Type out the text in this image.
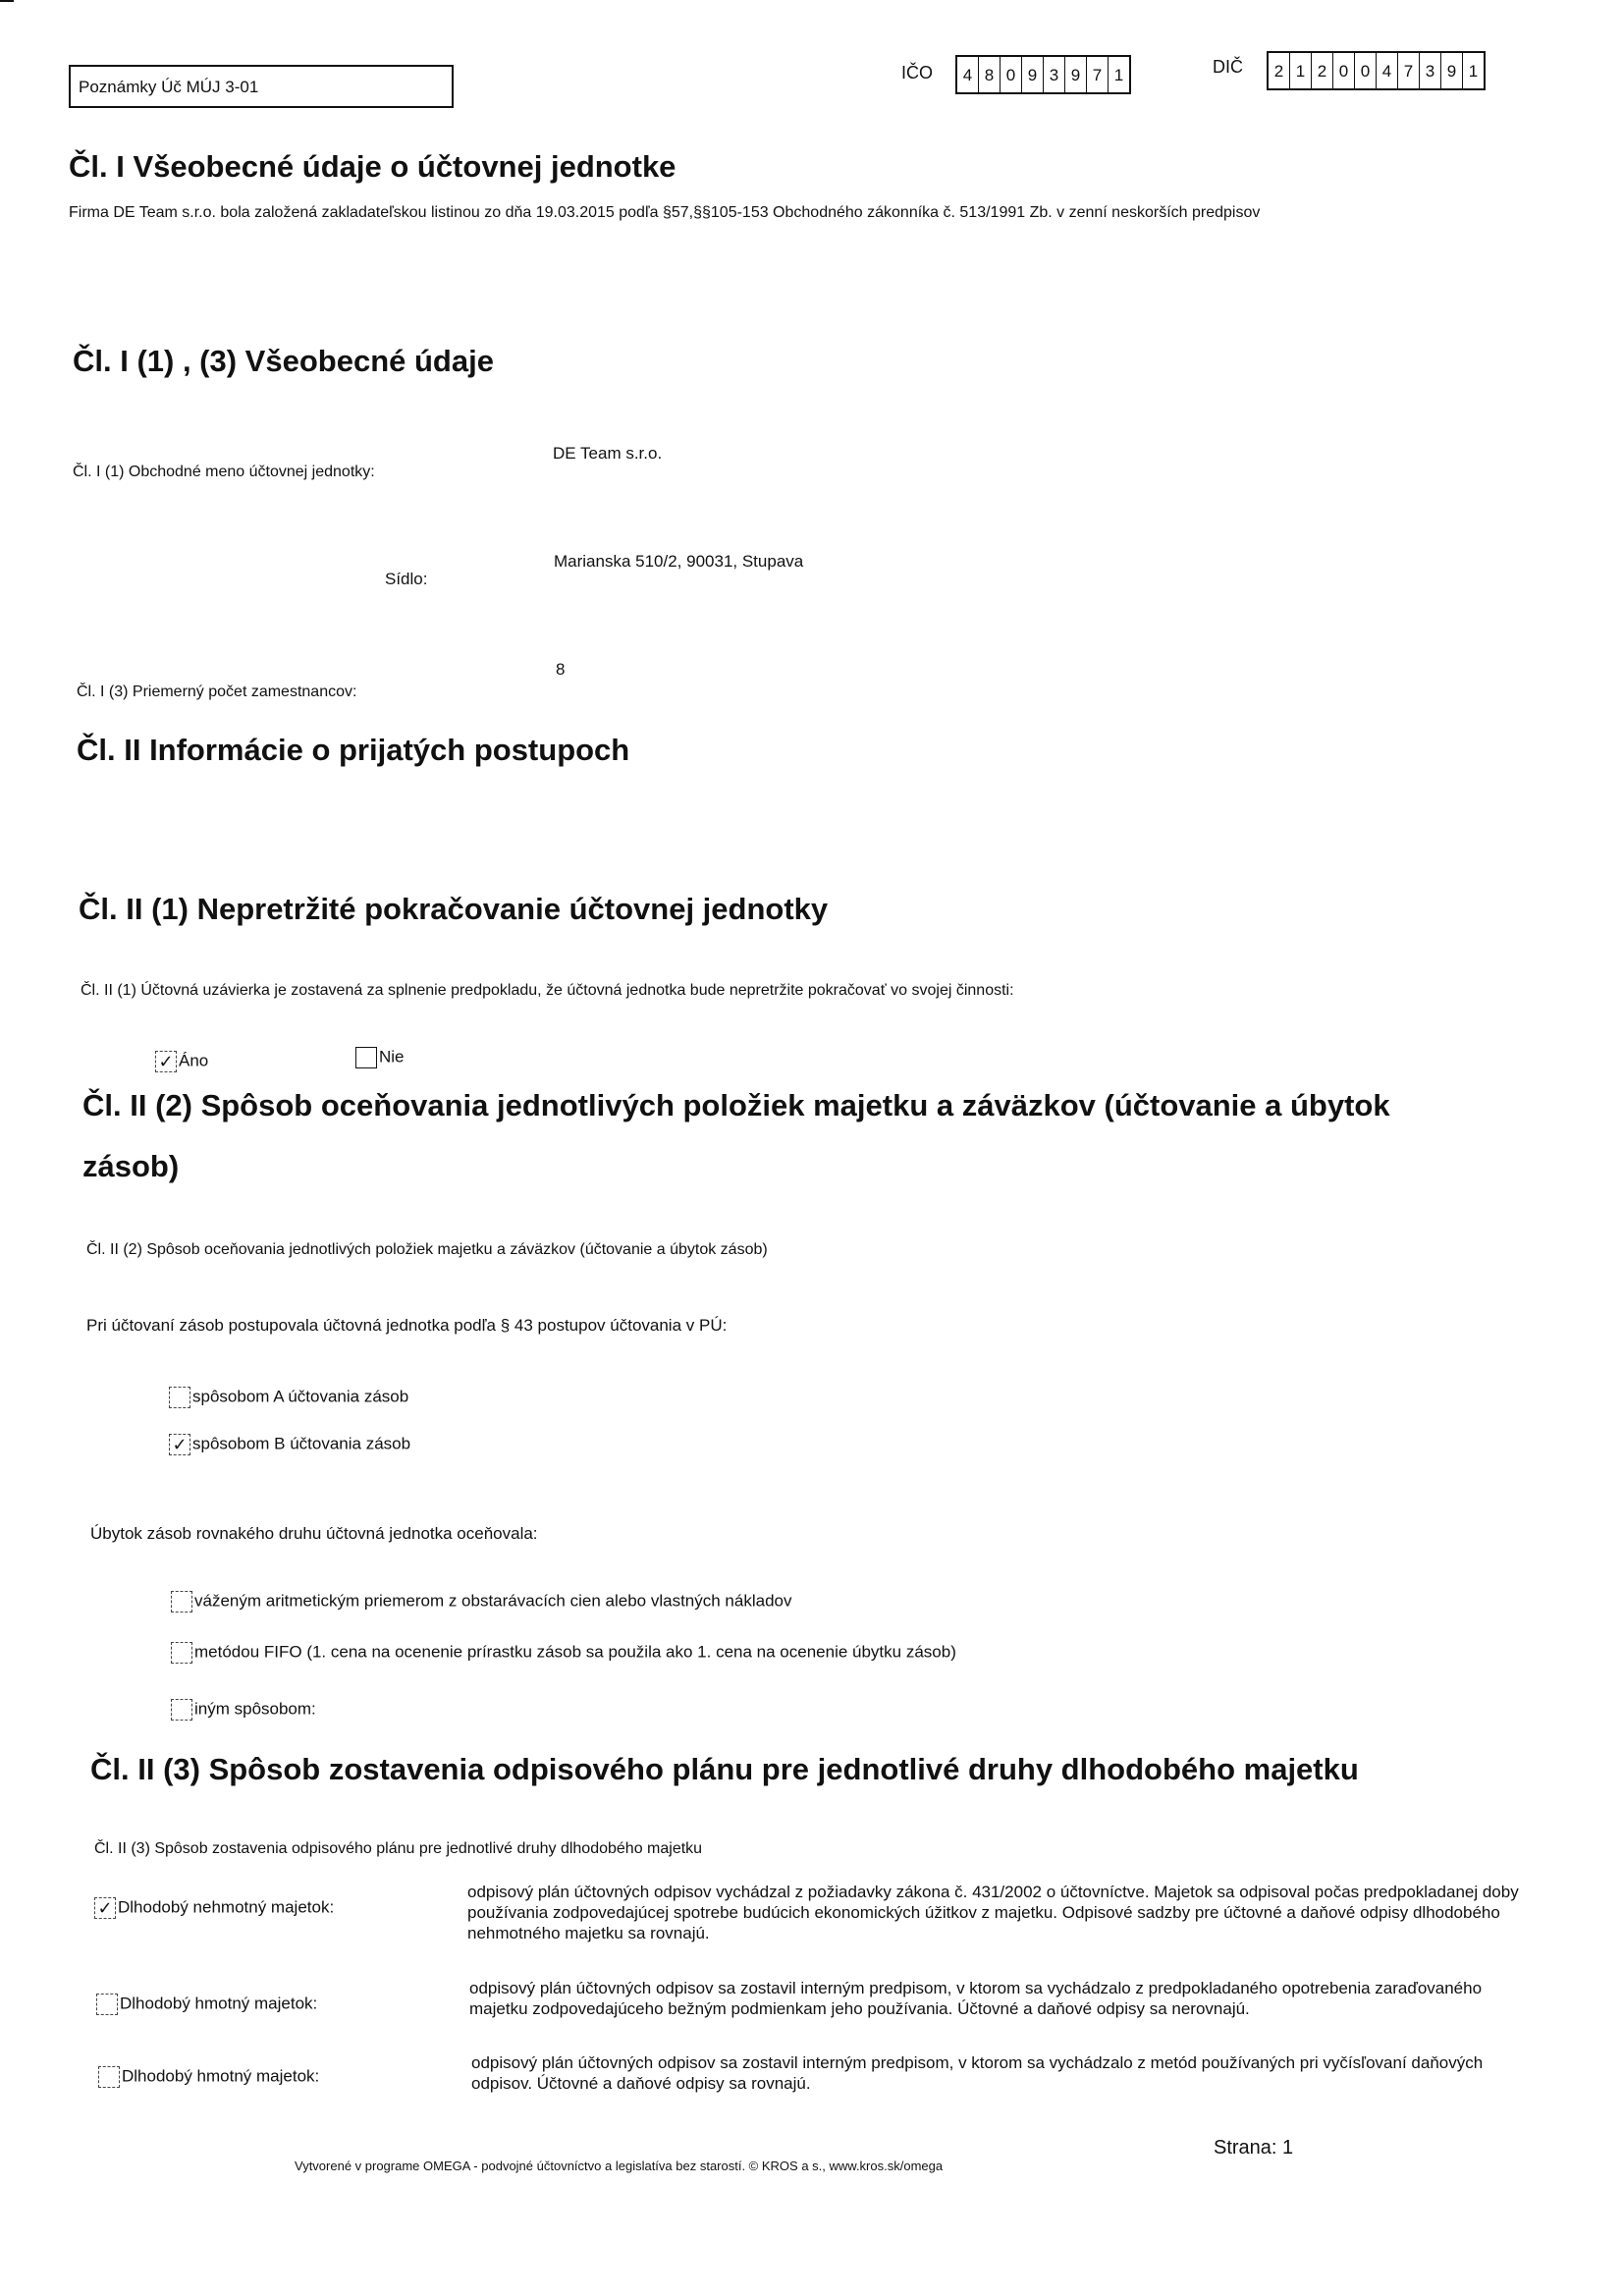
Poznámky Úč MÚJ 3-01
IČO	4 8 0 9 3 9 7 1	DIČ	2 1 2 0 0 4 7 3 9 1
Čl. I Všeobecné údaje o účtovnej jednotke
Firma DE Team s.r.o. bola založená zakladateľskou listinou zo dňa 19.03.2015 podľa §57,§§105-153 Obchodného zákonníka č. 513/1991 Zb. v zenní neskorších predpisov
Čl. I (1) , (3) Všeobecné údaje
Čl. I (1) Obchodné meno účtovnej jednotky:
DE Team s.r.o.
Sídlo:
Marianska 510/2, 90031, Stupava
Čl. I (3) Priemerný počet zamestnancov:
8
Čl. II Informácie o prijatých postupoch
Čl. II (1) Nepretržité pokračovanie účtovnej jednotky
Čl. II (1) Účtovná uzávierka je zostavená za splnenie predpokladu, že účtovná jednotka bude nepretržite pokračovať vo svojej činnosti:
✓ Áno	Nie
Čl. II (2) Spôsob oceňovania jednotlivých položiek majetku a záväzkov (účtovanie a úbytok
zásob)
Čl. II (2) Spôsob oceňovania jednotlivých položiek majetku a záväzkov (účtovanie a úbytok zásob)
Pri účtovaní zásob postupovala účtovná jednotka podľa § 43 postupov účtovania v PÚ:
spôsobom A účtovania zásob
✓ spôsobom B účtovania zásob
Úbytok zásob rovnakého druhu účtovná jednotka oceňovala:
váženým aritmetickým priemerom z obstarávacích cien alebo vlastných nákladov
metódou FIFO (1. cena na ocenenie prírastku zásob sa použila ako 1. cena na ocenenie úbytku zásob)
iným spôsobom:
Čl. II (3) Spôsob zostavenia odpisového plánu pre jednotlivé druhy dlhodobého majetku
Čl. II (3) Spôsob zostavenia odpisového plánu pre jednotlivé druhy dlhodobého majetku
✓ Dlhodobý nehmotný majetok:
odpisový plán účtovných odpisov vychádzal z požiadavky zákona č. 431/2002 o účtovníctve. Majetok sa odpisoval počas predpokladanej doby používania zodpovedajúcej spotrebe budúcich ekonomických úžitkov z majetku. Odpisové sadzby pre účtovné a daňové odpisy dlhodobého nehmotného majetku sa rovnajú.
Dlhodobý hmotný majetok:
odpisový plán účtovných odpisov sa zostavil interným predpisom, v ktorom sa vychádzalo z predpokladaného opotrebenia zaraďovaného majetku zodpovedajúceho bežným podmienkam jeho používania. Účtovné a daňové odpisy sa nerovnajú.
Dlhodobý hmotný majetok:
odpisový plán účtovných odpisov sa zostavil interným predpisom, v ktorom sa vychádzalo z metód používaných pri vyčísľovaní daňových odpisov. Účtovné a daňové odpisy sa rovnajú.
Strana: 1
Vytvorené v programe OMEGA - podvojné účtovníctvo a legislatíva bez starostí. © KROS a s., www.kros.sk/omega
